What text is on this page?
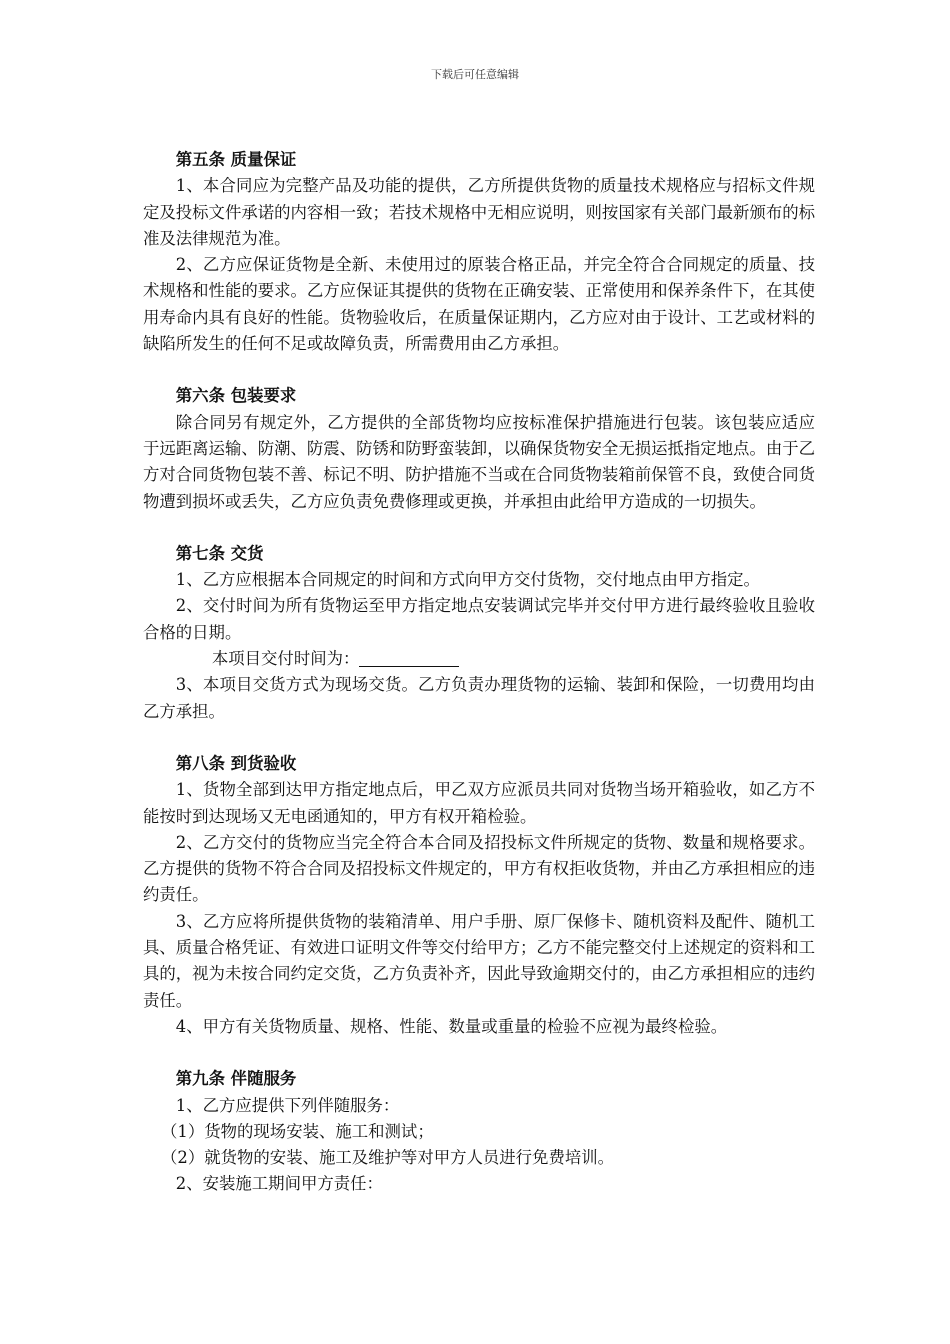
下载后可任意编辑

第五条 质量保证

1、本合同应为完整产品及功能的提供，乙方所提供货物的质量技术规格应与招标文件规定及投标文件承诺的内容相一致；若技术规格中无相应说明，则按国家有关部门最新颁布的标准及法律规范为准。

2、乙方应保证货物是全新、未使用过的原装合格正品，并完全符合合同规定的质量、技术规格和性能的要求。乙方应保证其提供的货物在正确安装、正常使用和保养条件下，在其使用寿命内具有良好的性能。货物验收后，在质量保证期内，乙方应对由于设计、工艺或材料的缺陷所发生的任何不足或故障负责，所需费用由乙方承担。

第六条 包装要求

除合同另有规定外，乙方提供的全部货物均应按标准保护措施进行包装。该包装应适应于远距离运输、防潮、防震、防锈和防野蛮装卸，以确保货物安全无损运抵指定地点。由于乙方对合同货物包装不善、标记不明、防护措施不当或在合同货物装箱前保管不良，致使合同货物遭到损坏或丢失，乙方应负责免费修理或更换，并承担由此给甲方造成的一切损失。

第七条 交货

1、乙方应根据本合同规定的时间和方式向甲方交付货物，交付地点由甲方指定。

2、交付时间为所有货物运至甲方指定地点安装调试完毕并交付甲方进行最终验收且验收合格的日期。

本项目交付时间为：

3、本项目交货方式为现场交货。乙方负责办理货物的运输、装卸和保险，一切费用均由乙方承担。

第八条 到货验收

1、货物全部到达甲方指定地点后，甲乙双方应派员共同对货物当场开箱验收，如乙方不能按时到达现场又无电函通知的，甲方有权开箱检验。

2、乙方交付的货物应当完全符合本合同及招投标文件所规定的货物、数量和规格要求。乙方提供的货物不符合合同及招投标文件规定的，甲方有权拒收货物，并由乙方承担相应的违约责任。

3、乙方应将所提供货物的装箱清单、用户手册、原厂保修卡、随机资料及配件、随机工具、质量合格凭证、有效进口证明文件等交付给甲方；乙方不能完整交付上述规定的资料和工具的，视为未按合同约定交货，乙方负责补齐，因此导致逾期交付的，由乙方承担相应的违约责任。

4、甲方有关货物质量、规格、性能、数量或重量的检验不应视为最终检验。

第九条 伴随服务

1、乙方应提供下列伴随服务：

（1）货物的现场安装、施工和测试；

（2）就货物的安装、施工及维护等对甲方人员进行免费培训。

2、安装施工期间甲方责任：
